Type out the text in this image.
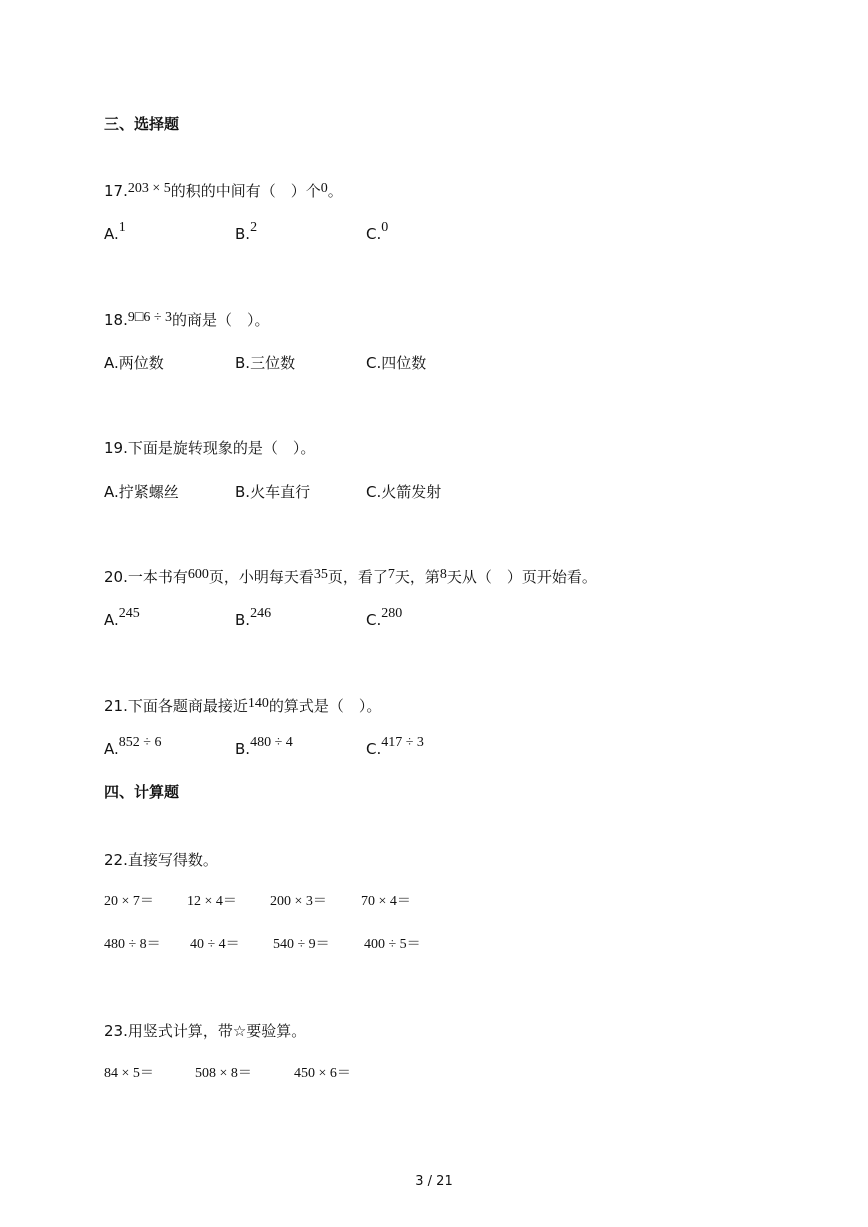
三、选择题
17.203 × 5的积的中间有（　）个0。
A.1	B.2	C.0
18.9□6 ÷ 3的商是（　）。
A.两位数	B.三位数	C.四位数
19.下面是旋转现象的是（　）。
A.拧紧螺丝	B.火车直行	C.火箭发射
20.一本书有600页，小明每天看35页，看了7天，第8天从（　）页开始看。
A.245	B.246	C.280
21.下面各题商最接近140的算式是（　）。
A.852 ÷ 6	B.480 ÷ 4	C.417 ÷ 3
四、计算题
22.直接写得数。
20 × 7＝ 12 × 4＝ 200 × 3＝ 70 × 4＝
480 ÷ 8＝ 40 ÷ 4＝ 540 ÷ 9＝ 400 ÷ 5＝
23.用竖式计算，带☆要验算。
84 × 5＝	508 × 8＝	450 × 6＝
3 / 21
